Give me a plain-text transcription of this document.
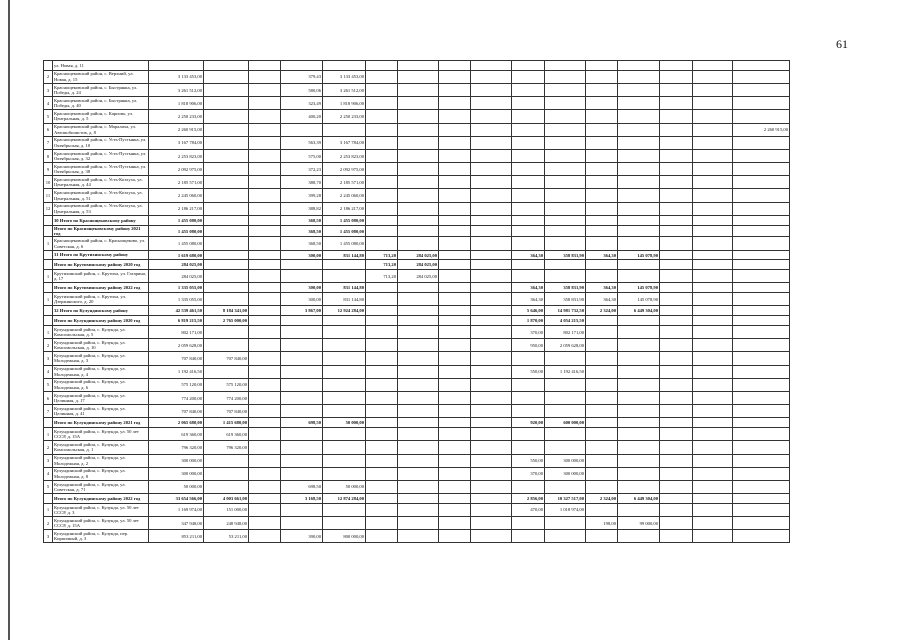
61
	ул. Новая, д. 11																
2	Краснощековский район, с. Верхний, ул. Новая, д. 15	3 133 453,00			379,43	3 133 453,00											
3	Краснощековский район, с. Быстрянка, ул. Победы, д. 24	3 261 512,00			580,06	3 261 512,00											
4	Краснощековский район, с. Быстрянка, ул. Победы, д. 40	1 818 906,00			323,49	1 818 906,00											
5	Краснощековский район, с. Карпово, ул. Центральная, д. 5	2 250 233,00			400,20	2 250 233,00											
6	Краснощековский район, с. Маралиха, ул. Автомобилистов, д. 8	2 260 915,00															2 260 915,00
7	Краснощековский район, с. Усть-Пустынка, ул. Октябрьская, д. 10	3 167 784,00			563,39	3 167 784,00											
8	Краснощековский район, с. Усть-Пустынка, ул. Октябрьская, д. 32	2 253 823,00			575,00	2 253 823,00											
9	Краснощековский район, с. Усть-Пустынка, ул. Октябрьская, д. 38	2 092 975,00			372,23	2 092 975,00											
10	Краснощековский район, с. Усть-Козлуха, ул. Центральная, д. 44	2 185 571,00			388,70	2 185 571,00											
11	Краснощековский район, с. Усть-Козлуха, ул. Центральная, д. 51	2 245 060,00			399,28	2 245 060,00											
12	Краснощековский район, с. Усть-Козлуха, ул. Центральная, д. 53	2 186 217,00			388,82	2 186 217,00											
	30 Итого по Краснощековскому району	1 455 080,00			368,50	1 455 080,00											
	Итого по Краснощековскому району 2021 год	1 455 080,00			368,50	1 455 080,00											
1	Краснощековский район, с. Краснощеково, ул. Советская, д. 6	1 455 080,00			368,50	1 455 080,00											
	31 Итого по Крутихинскому району	1 619 680,00			300,00	831 144,80	713,20	284 025,00			364,30	358 831,90	364,30	145 078,90			
	Итого по Крутихинскому району 2020 год	284 025,00					713,20	284 025,00									
1	Крутихинский район, с. Крутиха, ул. Гагарина, д. 17	284 025,00					713,20	284 025,00									
	Итого по Крутихинскому району 2022 год	1 335 055,00			300,00	831 144,80					364,30	358 831,90	364,30	145 078,90			
1	Крутихинский район, с. Крутиха, ул. Дзержинского, д. 20	1 335 055,00			300,00	831 144,80					364,30	358 831,90	364,30	145 078,90			
	32 Итого по Кулундинскому району	42 539 461,50	8 184 341,00		3 867,00	12 924 284,00					5 646,00	14 981 732,50	2 324,00	6 449 304,00			
	Итого по Кулундинскому району 2020 год	6 819 215,50	2 765 000,00								1 870,00	4 054 215,50					
1	Кулундинский район, с. Кулунда, ул. Комсомольская, д. 5	802 171,00									370,00	802 171,00					
2	Кулундинский район, с. Кулунда, ул. Комсомольская, д. 10	2 059 628,00									950,00	2 059 628,00					
3	Кулундинский район, с. Кулунда, ул. Молодежная, д. 3	707 840,00	707 840,00														
4	Кулундинский район, с. Кулунда, ул. Молодежная, д. 4	1 192 416,50									550,00	1 192 416,50					
5	Кулундинский район, с. Кулунда, ул. Молодежная, д. 6	575 120,00	575 120,00														
6	Кулундинский район, с. Кулунда, ул. Целинная, д. 17	774 200,00	774 200,00														
7	Кулундинский район, с. Кулунда, ул. Целинная, д. 41	707 840,00	707 840,00														
	Итого по Кулундинскому району 2021 год	2 065 680,00	1 415 680,00		698,50	50 000,00					920,00	600 000,00					
1	Кулундинский район, с. Кулунда, ул. 50 лет СССР, д. 15А	619 360,00	619 360,00														
2	Кулундинский район, с. Кулунда, ул. Комсомольская, д. 1	796 320,00	796 320,00														
3	Кулундинский район, с. Кулунда, ул. Молодежная, д. 2	300 000,00									550,00	300 000,00					
4	Кулундинский район, с. Кулунда, ул. Молодежная, д. 8	300 000,00									370,00	300 000,00					
5	Кулундинский район, с. Кулунда, ул. Советская, д. 71	50 000,00			698,50	50 000,00											
	Итого по Кулундинскому району 2022 год	33 654 566,00	4 003 661,00		3 168,50	12 874 284,00					2 856,00	10 327 517,00	2 324,00	6 449 304,00			
1	Кулундинский район, с. Кулунда, ул. 50 лет СССР, д. 3	1 169 974,00	151 000,00								470,00	1 018 974,00					
2	Кулундинский район, с. Кулунда, ул. 50 лет СССР, д. 15А	347 948,00	248 948,00										198,00	99 000,00			
3	Кулундинский район, с. Кулунда, пер. Кирпичный, д. 3	853 211,00	53 211,00		390,00	800 000,00											
